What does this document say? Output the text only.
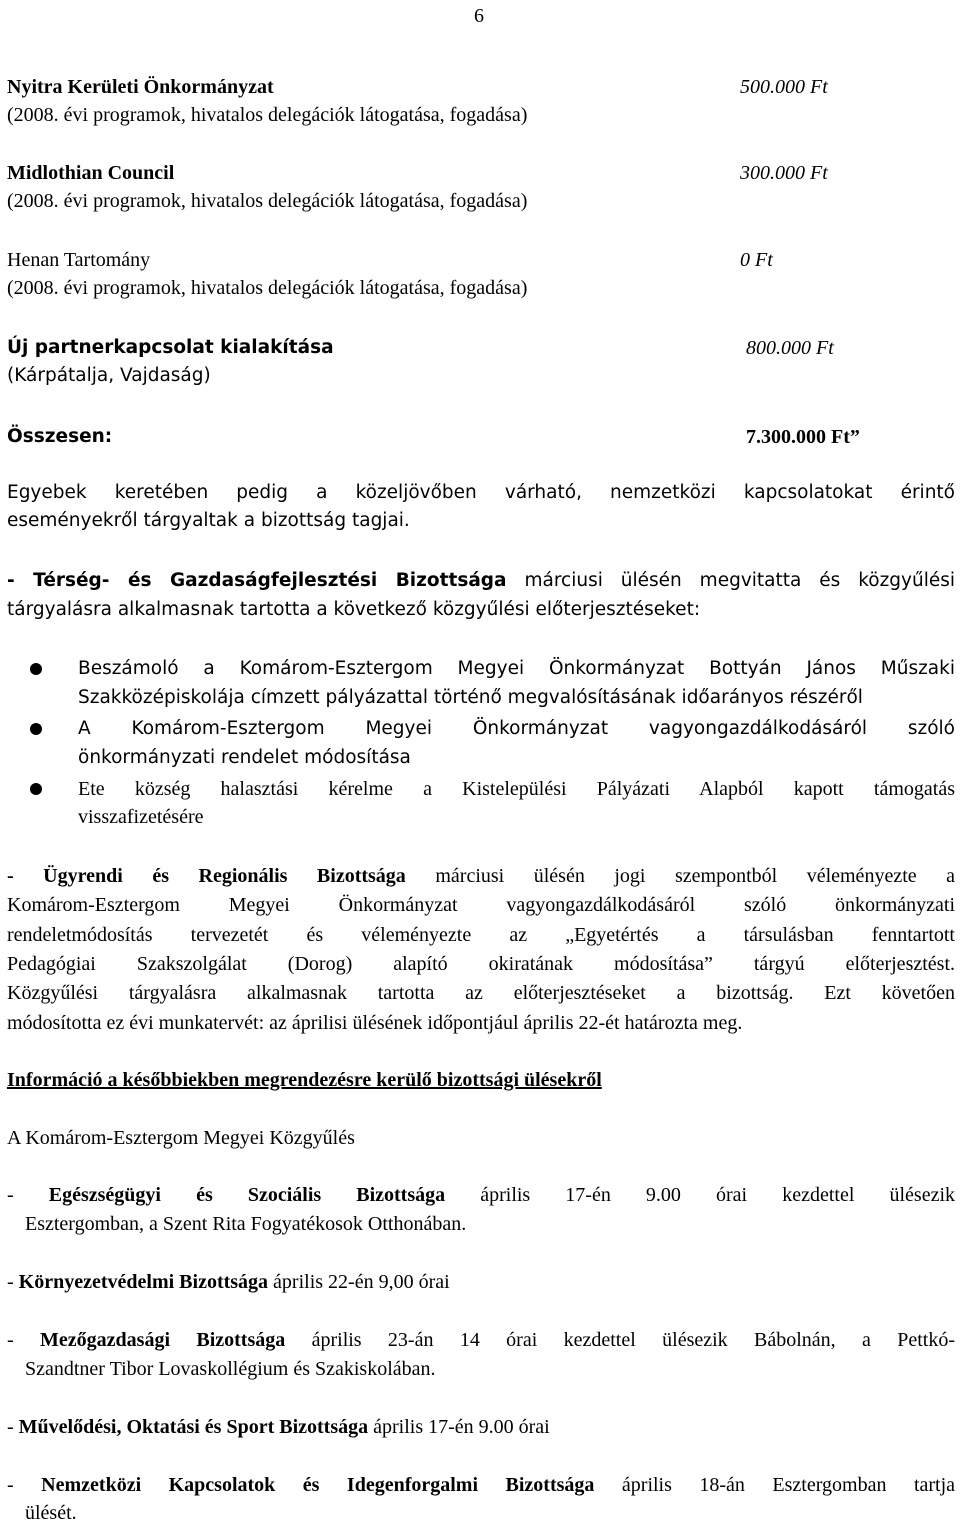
6
Nyitra Kerületi Önkormányzat
(2008. évi programok, hivatalos delegációk látogatása, fogadása)
500.000 Ft
Midlothian Council
(2008. évi programok, hivatalos delegációk látogatása, fogadása)
300.000 Ft
Henan Tartomány
(2008. évi programok, hivatalos delegációk látogatása, fogadása)
0 Ft
Új partnerkapcsolat kialakítása
(Kárpátalja, Vajdaság)
800.000 Ft
Összesen:	7.300.000 Ft”
Egyebek keretében pedig a közeljövőben várható, nemzetközi kapcsolatokat érintő
eseményekről tárgyaltak a bizottság tagjai.
- Térség- és Gazdaságfejlesztési Bizottsága márciusi ülésén megvitatta és közgyűlési
tárgyalásra alkalmasnak tartotta a következő közgyűlési előterjesztéseket:
Beszámoló a Komárom-Esztergom Megyei Önkormányzat Bottyán János Műszaki
Szakközépiskolája címzett pályázattal történő megvalósításának időarányos részéről
A Komárom-Esztergom Megyei Önkormányzat vagyongazdálkodásáról szóló
önkormányzati rendelet módosítása
Ete község halasztási kérelme a Kistelepülési Pályázati Alapból kapott támogatás
visszafizetésére
- Ügyrendi és Regionális Bizottsága márciusi ülésén jogi szempontból véleményezte a
Komárom-Esztergom Megyei Önkormányzat vagyongazdálkodásáról szóló önkormányzati
rendeletmódosítás tervezetét és véleményezte az „Egyetértés a társulásban fenntartott
Pedagógiai Szakszolgálat (Dorog) alapító okiratának módosítása” tárgyú előterjesztést.
Közgyűlési tárgyalásra alkalmasnak tartotta az előterjesztéseket a bizottság. Ezt követően
módosította ez évi munkatervét: az áprilisi ülésének időpontjául április 22-ét határozta meg.
Információ a későbbiekben megrendezésre kerülő bizottsági ülésekről
A Komárom-Esztergom Megyei Közgyűlés
- Egészségügyi és Szociális Bizottsága április 17-én 9.00 órai kezdettel ülésezik
Esztergomban, a Szent Rita Fogyatékosok Otthonában.
- Környezetvédelmi Bizottsága április 22-én 9,00 órai
- Mezőgazdasági Bizottsága április 23-án 14 órai kezdettel ülésezik Bábolnán, a Pettkó-
Szandtner Tibor Lovaskollégium és Szakiskolában.
- Művelődési, Oktatási és Sport Bizottsága április 17-én 9.00 órai
- Nemzetközi Kapcsolatok és Idegenforgalmi Bizottsága április 18-án Esztergomban tartja
ülését.
